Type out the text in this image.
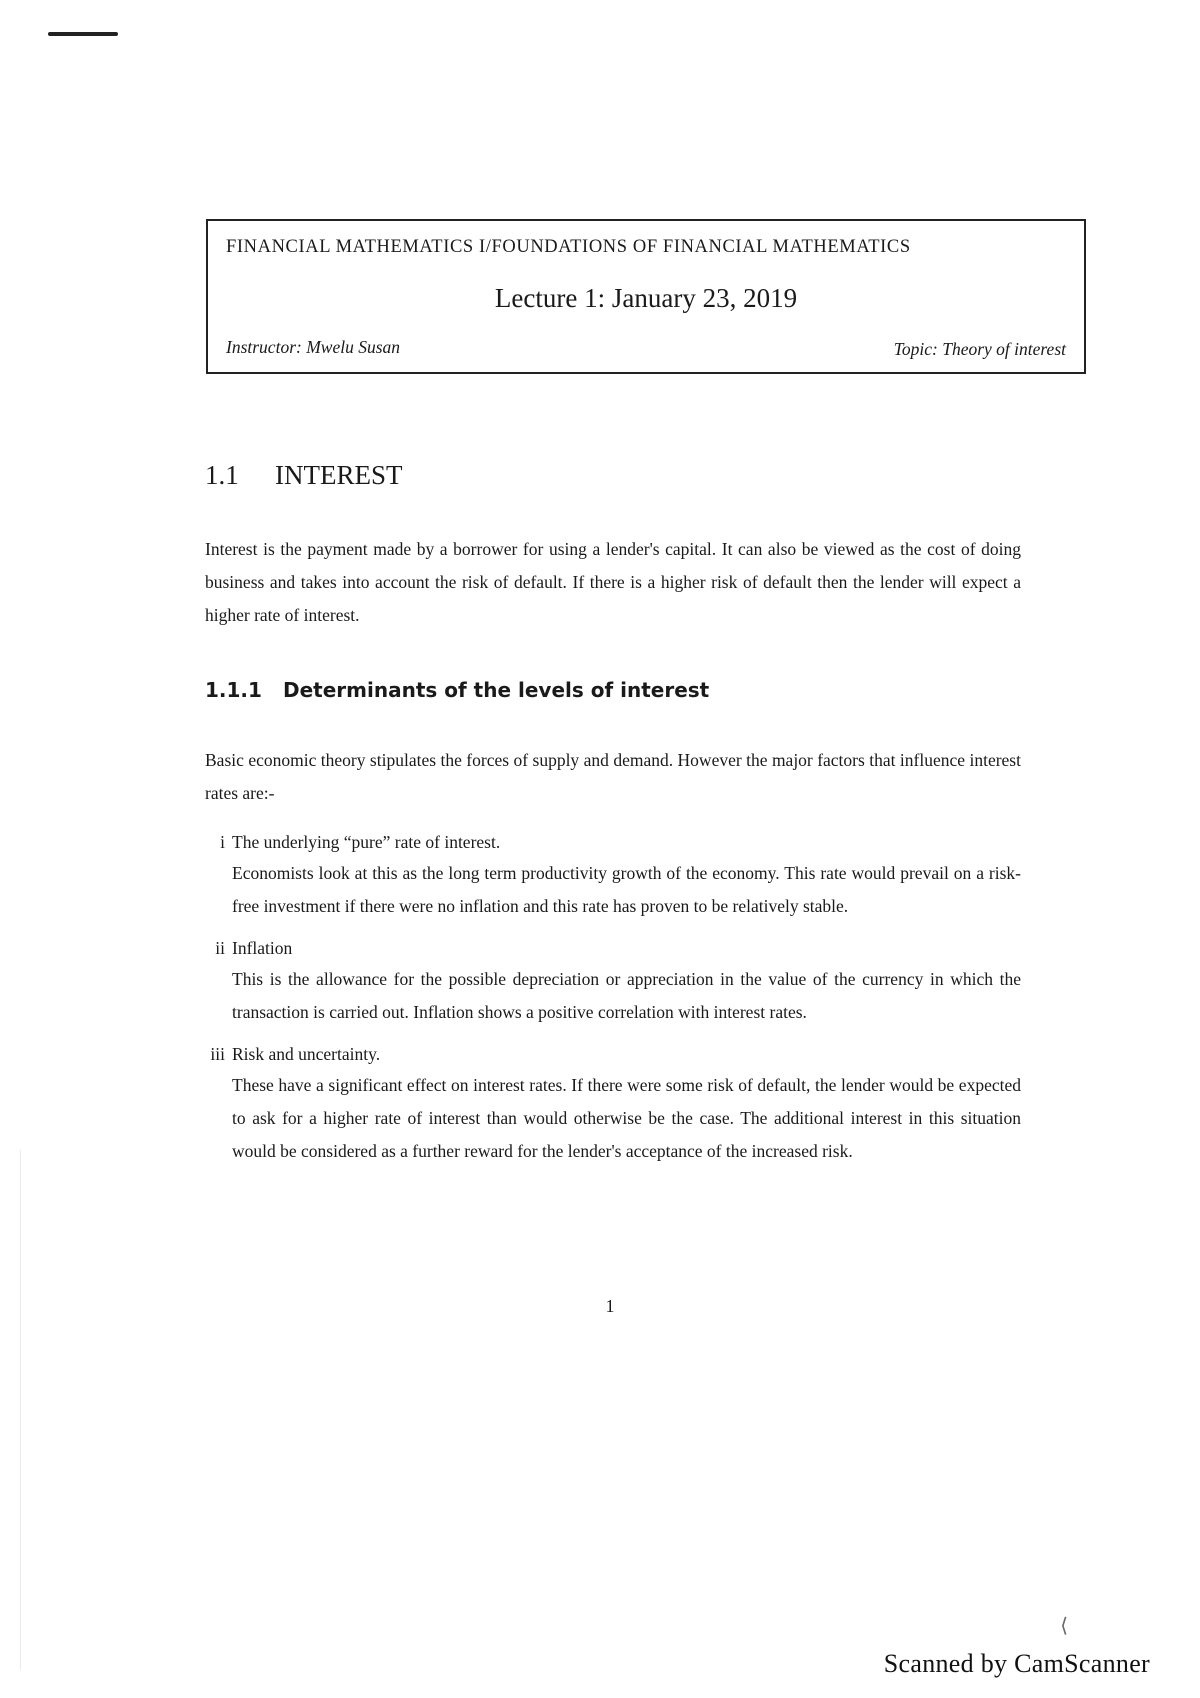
FINANCIAL MATHEMATICS I/FOUNDATIONS OF FINANCIAL MATHEMATICS
Lecture 1: January 23, 2019
Instructor: Mwelu Susan	Topic: Theory of interest
1.1 INTEREST
Interest is the payment made by a borrower for using a lender's capital. It can also be viewed as the cost of doing business and takes into account the risk of default. If there is a higher risk of default then the lender will expect a higher rate of interest.
1.1.1 Determinants of the levels of interest
Basic economic theory stipulates the forces of supply and demand. However the major factors that influence interest rates are:-
i The underlying “pure” rate of interest.
Economists look at this as the long term productivity growth of the economy. This rate would prevail on a risk-free investment if there were no inflation and this rate has proven to be relatively stable.
ii Inflation
This is the allowance for the possible depreciation or appreciation in the value of the currency in which the transaction is carried out. Inflation shows a positive correlation with interest rates.
iii Risk and uncertainty.
These have a significant effect on interest rates. If there were some risk of default, the lender would be expected to ask for a higher rate of interest than would otherwise be the case. The additional interest in this situation would be considered as a further reward for the lender's acceptance of the increased risk.
1
⟨
Scanned by CamScanner
